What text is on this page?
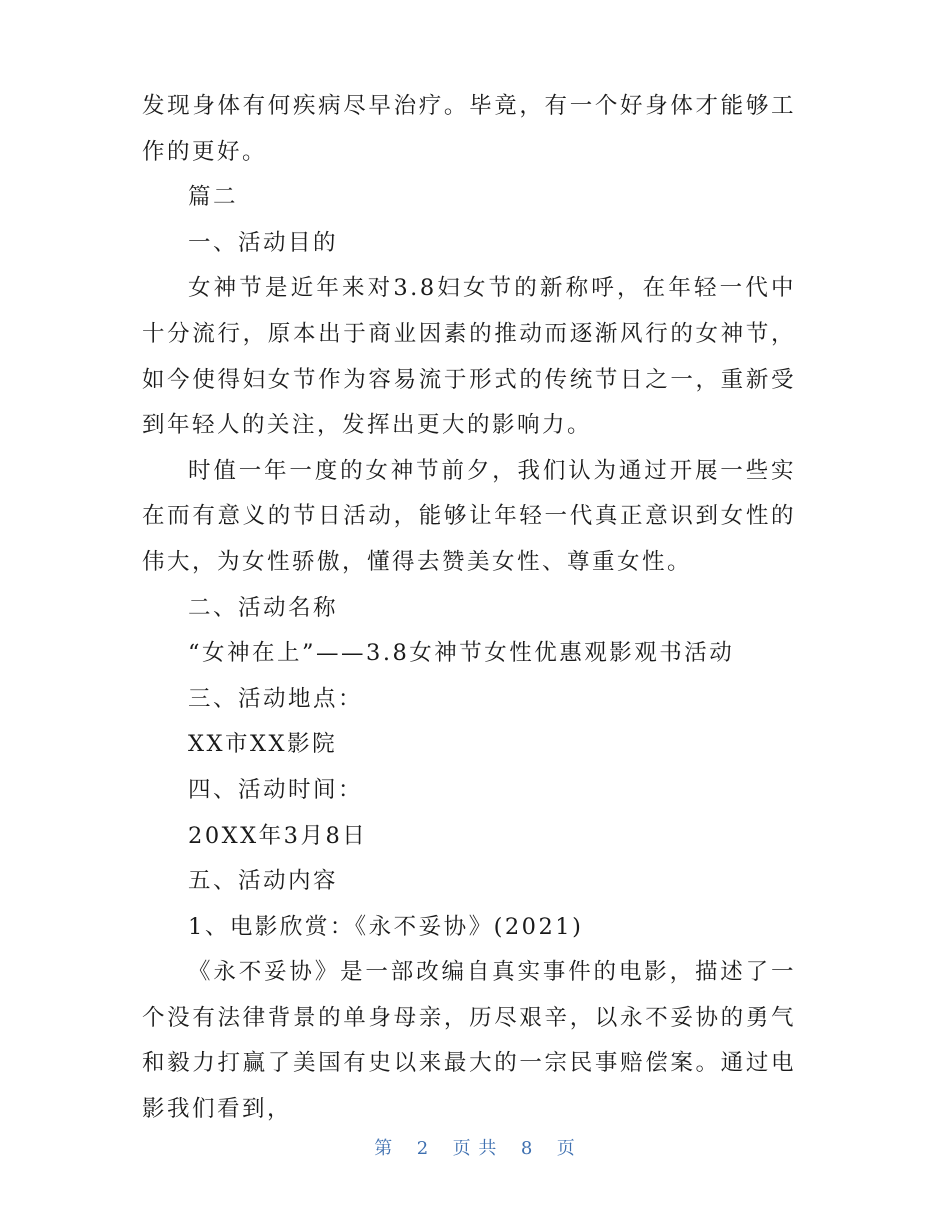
发现身体有何疾病尽早治疗。毕竟，有一个好身体才能够工作的更好。

篇二

一、活动目的

女神节是近年来对3.8妇女节的新称呼，在年轻一代中十分流行，原本出于商业因素的推动而逐渐风行的女神节，如今使得妇女节作为容易流于形式的传统节日之一，重新受到年轻人的关注，发挥出更大的影响力。

时值一年一度的女神节前夕，我们认为通过开展一些实在而有意义的节日活动，能够让年轻一代真正意识到女性的伟大，为女性骄傲，懂得去赞美女性、尊重女性。

二、活动名称

“女神在上”——3.8女神节女性优惠观影观书活动

三、活动地点：

XX市XX影院

四、活动时间：

20XX年3月8日

五、活动内容

1、电影欣赏：《永不妥协》(2021)

《永不妥协》是一部改编自真实事件的电影，描述了一个没有法律背景的单身母亲，历尽艰辛，以永不妥协的勇气和毅力打赢了美国有史以来最大的一宗民事赔偿案。通过电影我们看到，

第 2 页 共 8 页
